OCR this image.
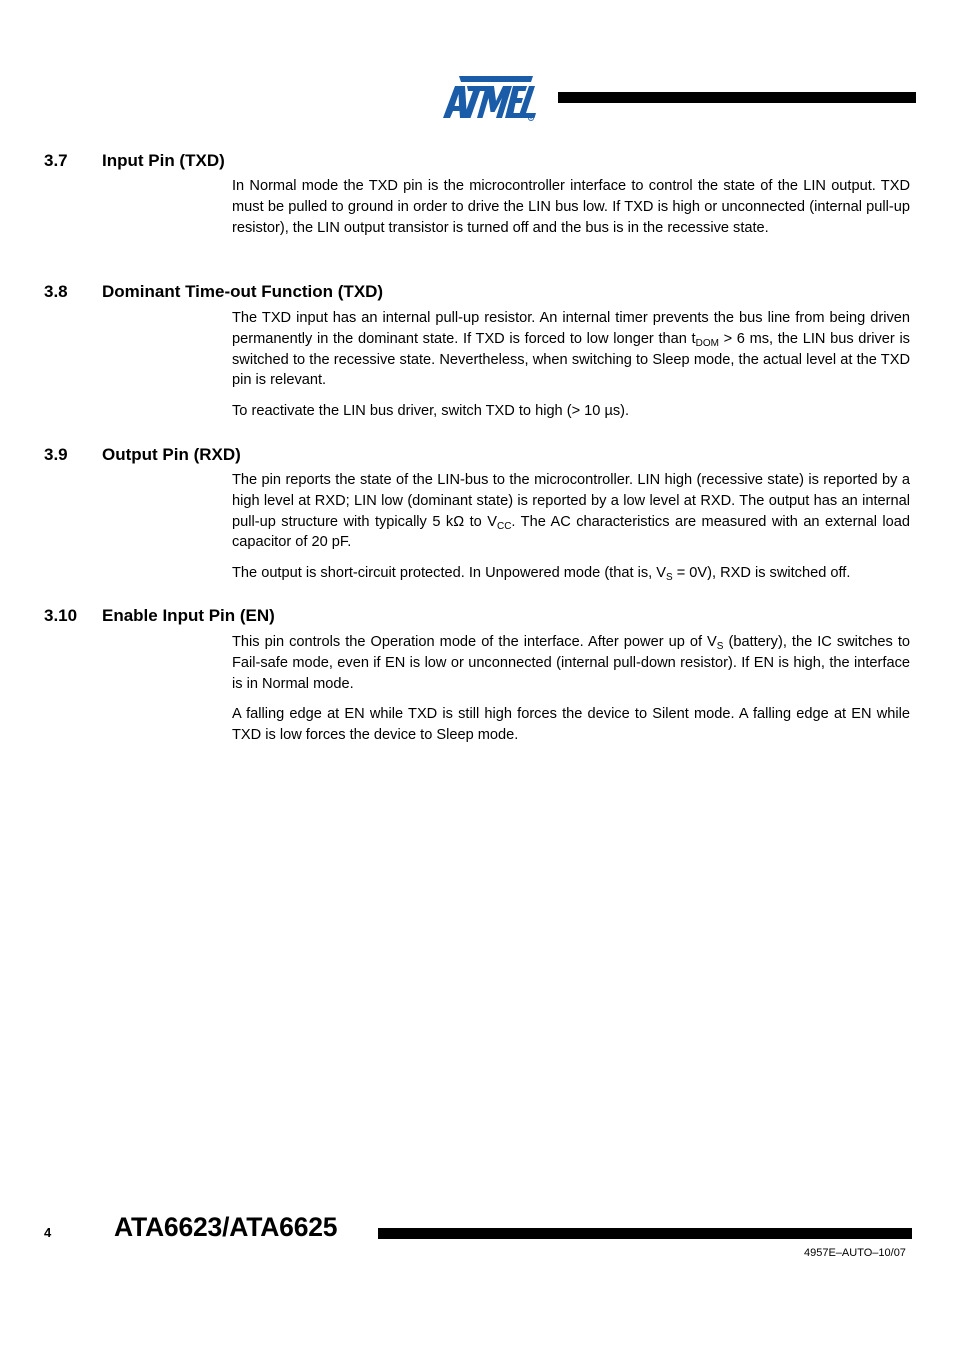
R
3.7 Input Pin (TXD)

In Normal mode the TXD pin is the microcontroller interface to control the state of the LIN output. TXD must be pulled to ground in order to drive the LIN bus low. If TXD is high or unconnected (internal pull-up resistor), the LIN output transistor is turned off and the bus is in the recessive state.

3.8 Dominant Time-out Function (TXD)

The TXD input has an internal pull-up resistor. An internal timer prevents the bus line from being driven permanently in the dominant state. If TXD is forced to low longer than $t_{DOM} > 6$ ms, the LIN bus driver is switched to the recessive state. Nevertheless, when switching to Sleep mode, the actual level at the TXD pin is relevant.

To reactivate the LIN bus driver, switch TXD to high (> 10 µs).

3.9 Output Pin (RXD)

The pin reports the state of the LIN-bus to the microcontroller. LIN high (recessive state) is reported by a high level at RXD; LIN low (dominant state) is reported by a low level at RXD. The output has an internal pull-up structure with typically 5 kΩ to $V_{CC}$. The AC characteristics are measured with an external load capacitor of 20 pF.

The output is short-circuit protected. In Unpowered mode (that is, $V_S = 0V$), RXD is switched off.

3.10 Enable Input Pin (EN)

This pin controls the Operation mode of the interface. After power up of $V_S$ (battery), the IC switches to Fail-safe mode, even if EN is low or unconnected (internal pull-down resistor). If EN is high, the interface is in Normal mode.

A falling edge at EN while TXD is still high forces the device to Silent mode. A falling edge at EN while TXD is low forces the device to Sleep mode.

4 ATA6623/ATA6625
4957E–AUTO–10/07
